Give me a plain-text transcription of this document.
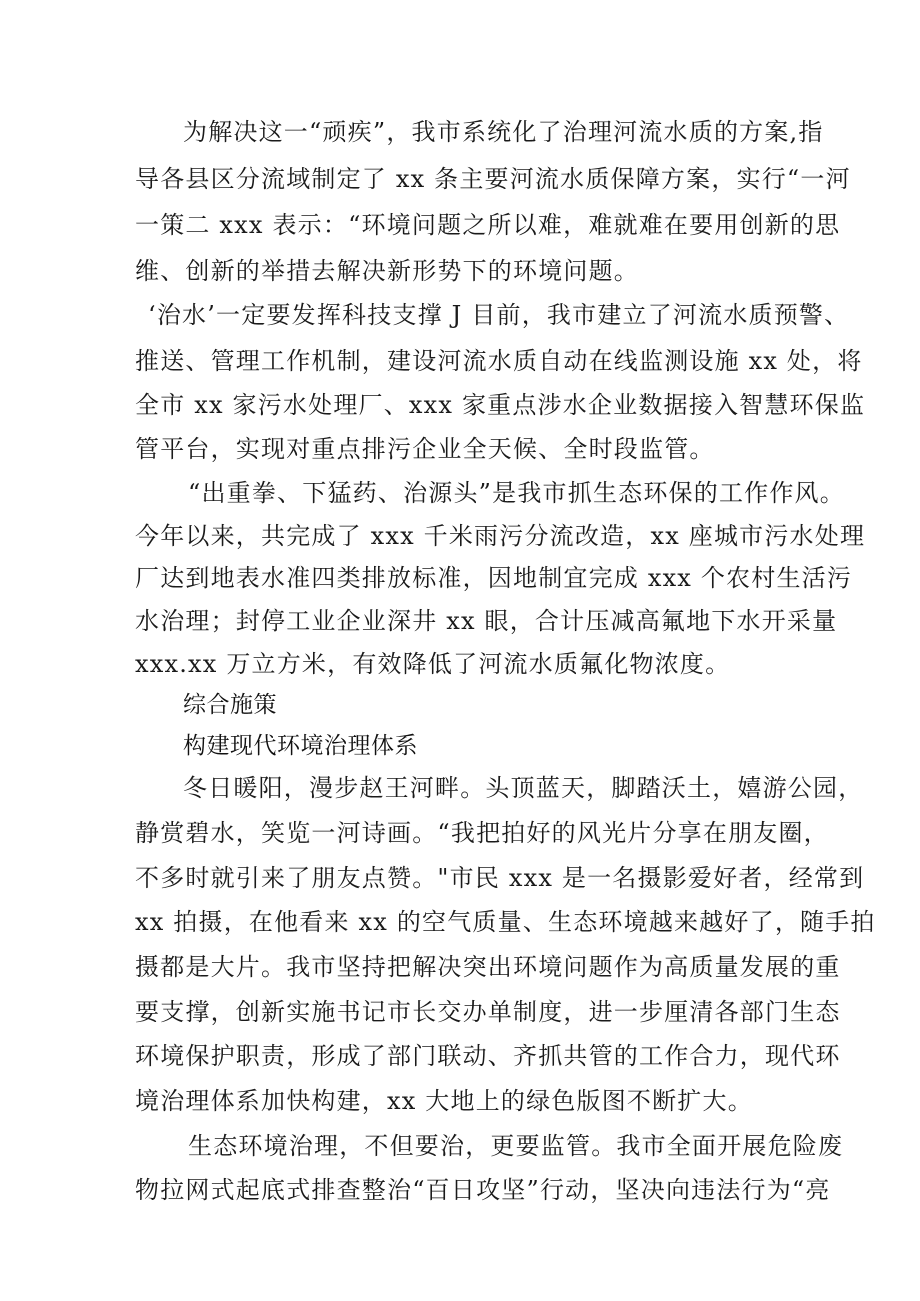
为解决这一“顽疾”，我市系统化了治理河流水质的方案,指
导各县区分流域制定了 xx 条主要河流水质保障方案，实行“一河
一策二 xxx 表示：“环境问题之所以难，难就难在要用创新的思
维、创新的举措去解决新形势下的环境问题。
‘治水’一定要发挥科技支撑 J 目前，我市建立了河流水质预警、
推送、管理工作机制，建设河流水质自动在线监测设施 xx 处，将
全市 xx 家污水处理厂、xxx 家重点涉水企业数据接入智慧环保监
管平台，实现对重点排污企业全天候、全时段监管。
“出重拳、下猛药、治源头”是我市抓生态环保的工作作风。
今年以来，共完成了 xxx 千米雨污分流改造，xx 座城市污水处理
厂达到地表水准四类排放标准，因地制宜完成 xxx 个农村生活污
水治理；封停工业企业深井 xx 眼，合计压减高氟地下水开采量
xxx.xx 万立方米，有效降低了河流水质氟化物浓度。
综合施策
构建现代环境治理体系
冬日暖阳，漫步赵王河畔。头顶蓝天，脚踏沃土，嬉游公园，
静赏碧水，笑览一河诗画。“我把拍好的风光片分享在朋友圈，
不多时就引来了朋友点赞。"市民 xxx 是一名摄影爱好者，经常到
xx 拍摄，在他看来 xx 的空气质量、生态环境越来越好了，随手拍
摄都是大片。我市坚持把解决突出环境问题作为高质量发展的重
要支撑，创新实施书记市长交办单制度，进一步厘清各部门生态
环境保护职责，形成了部门联动、齐抓共管的工作合力，现代环
境治理体系加快构建，xx 大地上的绿色版图不断扩大。
生态环境治理，不但要治，更要监管。我市全面开展危险废
物拉网式起底式排查整治“百日攻坚”行动，坚决向违法行为“亮
